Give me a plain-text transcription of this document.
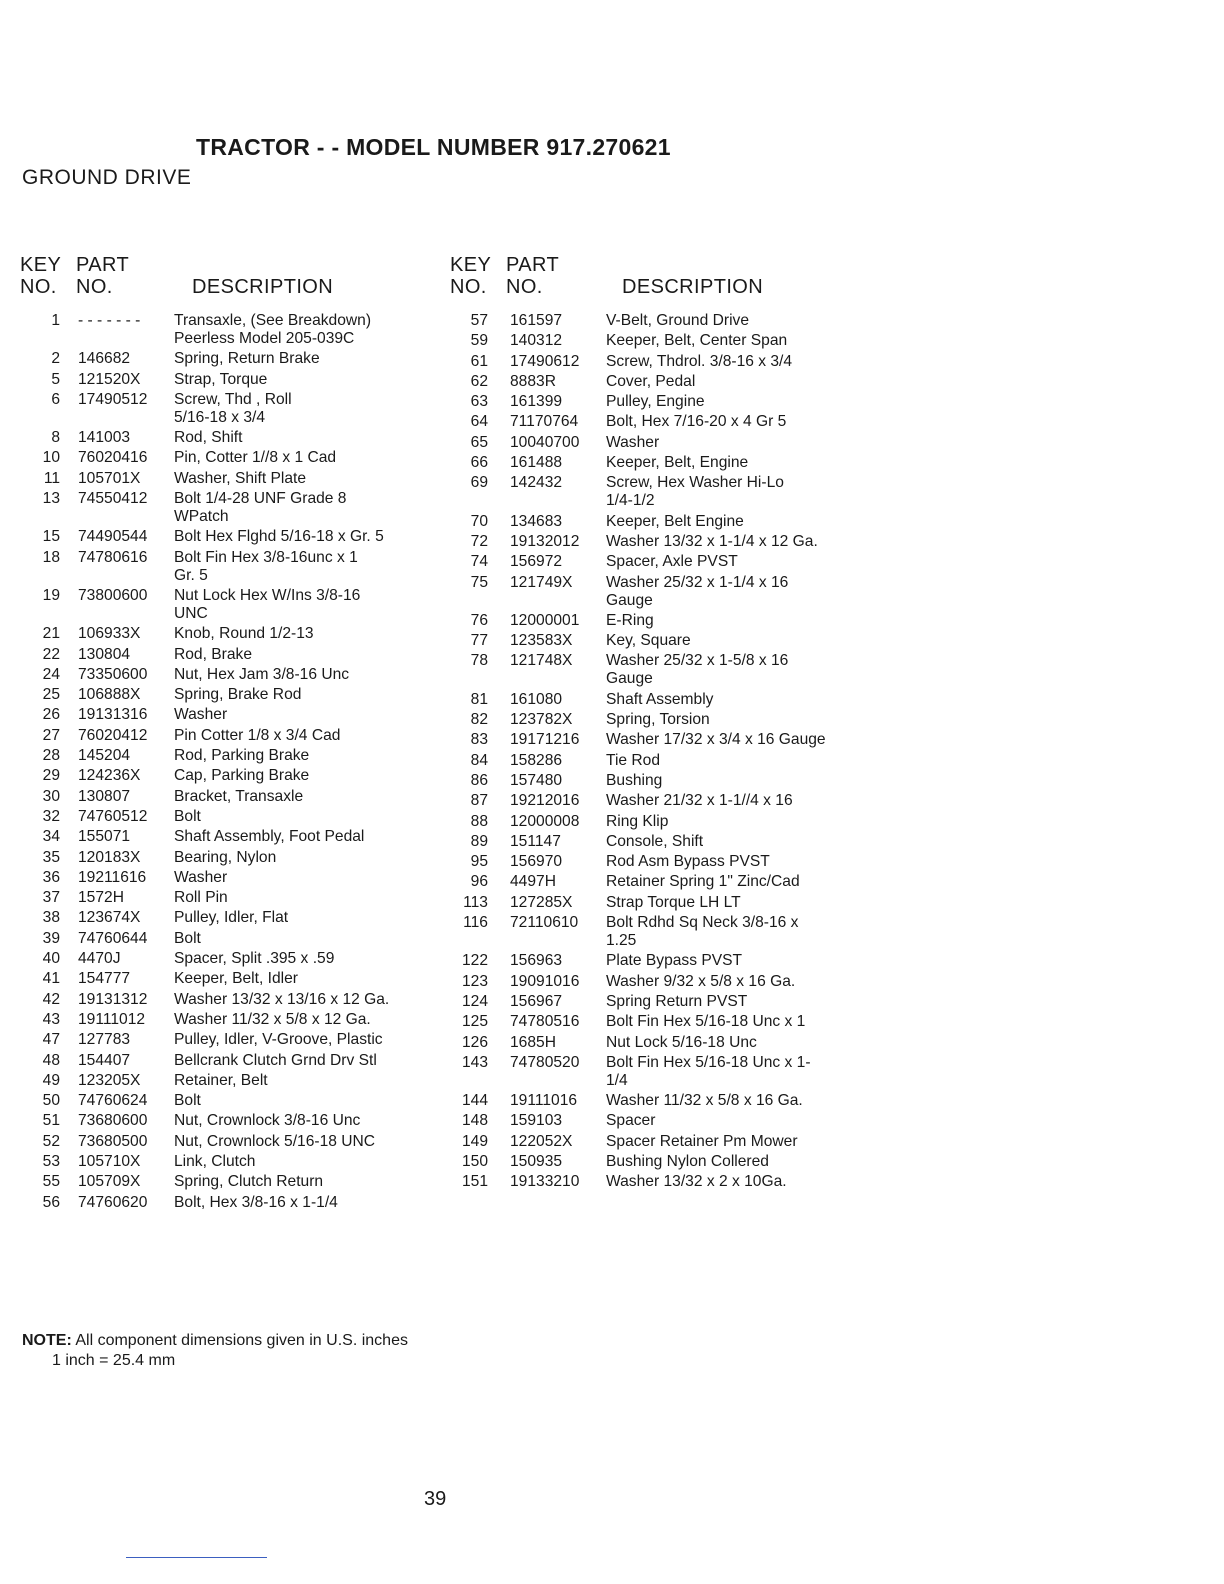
TRACTOR - - MODEL NUMBER 917.270621
GROUND DRIVE
KEY
NO.
PART
NO.	DESCRIPTION
1	- - - - - - -	Transaxle, (See Breakdown)
Peerless Model 205-039C
2	146682	Spring, Return Brake
5	121520X	Strap, Torque
6	17490512	Screw, Thd , Roll
5/16-18 x 3/4
8	141003	Rod, Shift
10	76020416	Pin, Cotter 1//8 x 1 Cad
11	105701X	Washer, Shift Plate
13	74550412	Bolt 1/4-28 UNF Grade 8
WPatch
15	74490544	Bolt Hex Flghd 5/16-18 x Gr. 5
18	74780616	Bolt Fin Hex 3/8-16unc x 1
Gr. 5
19	73800600	Nut Lock Hex W/Ins 3/8-16
UNC
21	106933X	Knob, Round 1/2-13
22	130804	Rod, Brake
24	73350600	Nut, Hex Jam 3/8-16 Unc
25	106888X	Spring, Brake Rod
26	19131316	Washer
27	76020412	Pin Cotter 1/8 x 3/4 Cad
28	145204	Rod, Parking Brake
29	124236X	Cap, Parking Brake
30	130807	Bracket, Transaxle
32	74760512	Bolt
34	155071	Shaft Assembly, Foot Pedal
35	120183X	Bearing, Nylon
36	19211616	Washer
37	1572H	Roll Pin
38	123674X	Pulley, Idler, Flat
39	74760644	Bolt
40	4470J	Spacer, Split .395 x .59
41	154777	Keeper, Belt, Idler
42	19131312	Washer 13/32 x 13/16 x 12 Ga.
43	19111012	Washer 11/32 x 5/8 x 12 Ga.
47	127783	Pulley, Idler, V-Groove, Plastic
48	154407	Bellcrank Clutch Grnd Drv Stl
49	123205X	Retainer, Belt
50	74760624	Bolt
51	73680600	Nut, Crownlock 3/8-16 Unc
52	73680500	Nut, Crownlock 5/16-18 UNC
53	105710X	Link, Clutch
55	105709X	Spring, Clutch Return
56	74760620	Bolt, Hex 3/8-16 x 1-1/4
KEY
NO.
PART
NO.	DESCRIPTION
57	161597	V-Belt, Ground Drive
59	140312	Keeper, Belt, Center Span
61	17490612	Screw, Thdrol. 3/8-16 x 3/4
62	8883R	Cover, Pedal
63	161399	Pulley, Engine
64	71170764	Bolt, Hex 7/16-20 x 4 Gr 5
65	10040700	Washer
66	161488	Keeper, Belt, Engine
69	142432	Screw, Hex Washer Hi-Lo
1/4-1/2
70	134683	Keeper, Belt Engine
72	19132012	Washer 13/32 x 1-1/4 x 12 Ga.
74	156972	Spacer, Axle PVST
75	121749X	Washer 25/32 x 1-1/4 x 16
Gauge
76	12000001	E-Ring
77	123583X	Key, Square
78	121748X	Washer 25/32 x 1-5/8 x 16
Gauge
81	161080	Shaft Assembly
82	123782X	Spring, Torsion
83	19171216	Washer 17/32 x 3/4 x 16 Gauge
84	158286	Tie Rod
86	157480	Bushing
87	19212016	Washer 21/32 x 1-1//4 x 16
88	12000008	Ring Klip
89	151147	Console, Shift
95	156970	Rod Asm Bypass PVST
96	4497H	Retainer Spring 1" Zinc/Cad
113	127285X	Strap Torque LH LT
116	72110610	Bolt Rdhd Sq Neck 3/8-16 x
1.25
122	156963	Plate Bypass PVST
123	19091016	Washer 9/32 x 5/8 x 16 Ga.
124	156967	Spring Return PVST
125	74780516	Bolt Fin Hex 5/16-18 Unc x 1
126	1685H	Nut Lock 5/16-18 Unc
143	74780520	Bolt Fin Hex 5/16-18 Unc x 1-
1/4
144	19111016	Washer 11/32 x 5/8 x 16 Ga.
148	159103	Spacer
149	122052X	Spacer Retainer Pm Mower
150	150935	Bushing Nylon Collered
151	19133210	Washer 13/32 x 2 x 10Ga.
NOTE: All component dimensions given in U.S. inches
1 inch = 25.4 mm
39
